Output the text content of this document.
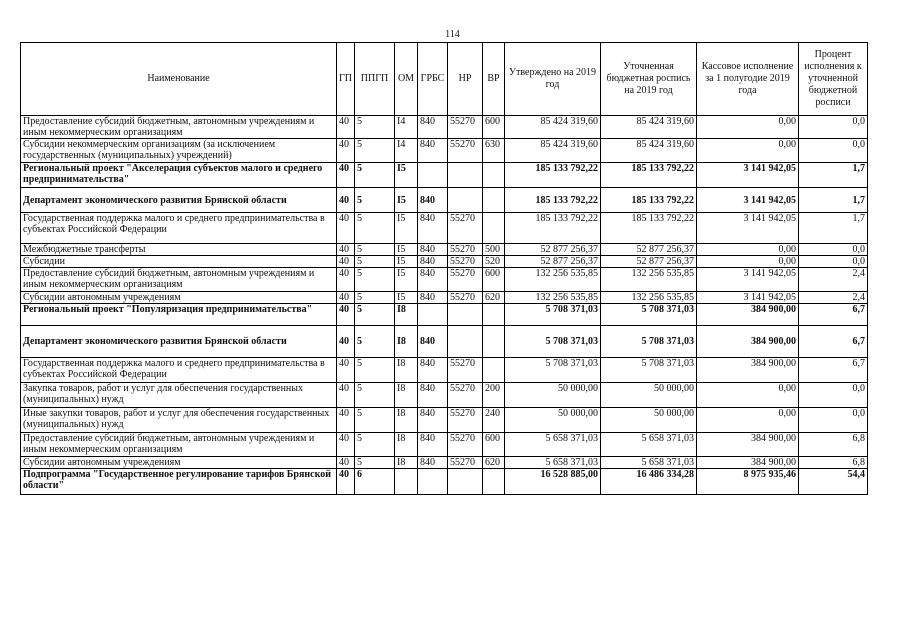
114
Наименование	ГП	ППГП	ОМ	ГРБС	НР	ВР	Утверждено на 2019 год	Уточненная бюджетная роспись на 2019 год	Кассовое исполнение за 1 полугодие 2019 года	Процент исполнения к уточненной бюджетной росписи
Предоставление субсидий бюджетным, автономным учреждениям и иным некоммерческим организациям	40	5	I4	840	55270	600	85 424 319,60	85 424 319,60	0,00	0,0
Субсидии некоммерческим организациям (за исключением государственных (муниципальных) учреждений)	40	5	I4	840	55270	630	85 424 319,60	85 424 319,60	0,00	0,0
Региональный проект "Акселерация субъектов малого и среднего предпринимательства"	40	5	I5				185 133 792,22	185 133 792,22	3 141 942,05	1,7
Департамент экономического развития Брянской области	40	5	I5	840			185 133 792,22	185 133 792,22	3 141 942,05	1,7
Государственная поддержка малого и среднего предпринимательства в субъектах Российской Федерации	40	5	I5	840	55270		185 133 792,22	185 133 792,22	3 141 942,05	1,7
Межбюджетные трансферты	40	5	I5	840	55270	500	52 877 256,37	52 877 256,37	0,00	0,0
Субсидии	40	5	I5	840	55270	520	52 877 256,37	52 877 256,37	0,00	0,0
Предоставление субсидий бюджетным, автономным учреждениям и иным некоммерческим организациям	40	5	I5	840	55270	600	132 256 535,85	132 256 535,85	3 141 942,05	2,4
Субсидии автономным учреждениям	40	5	I5	840	55270	620	132 256 535,85	132 256 535,85	3 141 942,05	2,4
Региональный проект "Популяризация предпринимательства"	40	5	I8				5 708 371,03	5 708 371,03	384 900,00	6,7
Департамент экономического развития Брянской области	40	5	I8	840			5 708 371,03	5 708 371,03	384 900,00	6,7
Государственная поддержка малого и среднего предпринимательства в субъектах Российской Федерации	40	5	I8	840	55270		5 708 371,03	5 708 371,03	384 900,00	6,7
Закупка товаров, работ и услуг для обеспечения государственных (муниципальных) нужд	40	5	I8	840	55270	200	50 000,00	50 000,00	0,00	0,0
Иные закупки товаров, работ и услуг для обеспечения государственных (муниципальных) нужд	40	5	I8	840	55270	240	50 000,00	50 000,00	0,00	0,0
Предоставление субсидий бюджетным, автономным учреждениям и иным некоммерческим организациям	40	5	I8	840	55270	600	5 658 371,03	5 658 371,03	384 900,00	6,8
Субсидии автономным учреждениям	40	5	I8	840	55270	620	5 658 371,03	5 658 371,03	384 900,00	6,8
Подпрограмма "Государственное регулирование тарифов Брянской области"	40	6					16 528 885,00	16 486 334,28	8 975 935,46	54,4
